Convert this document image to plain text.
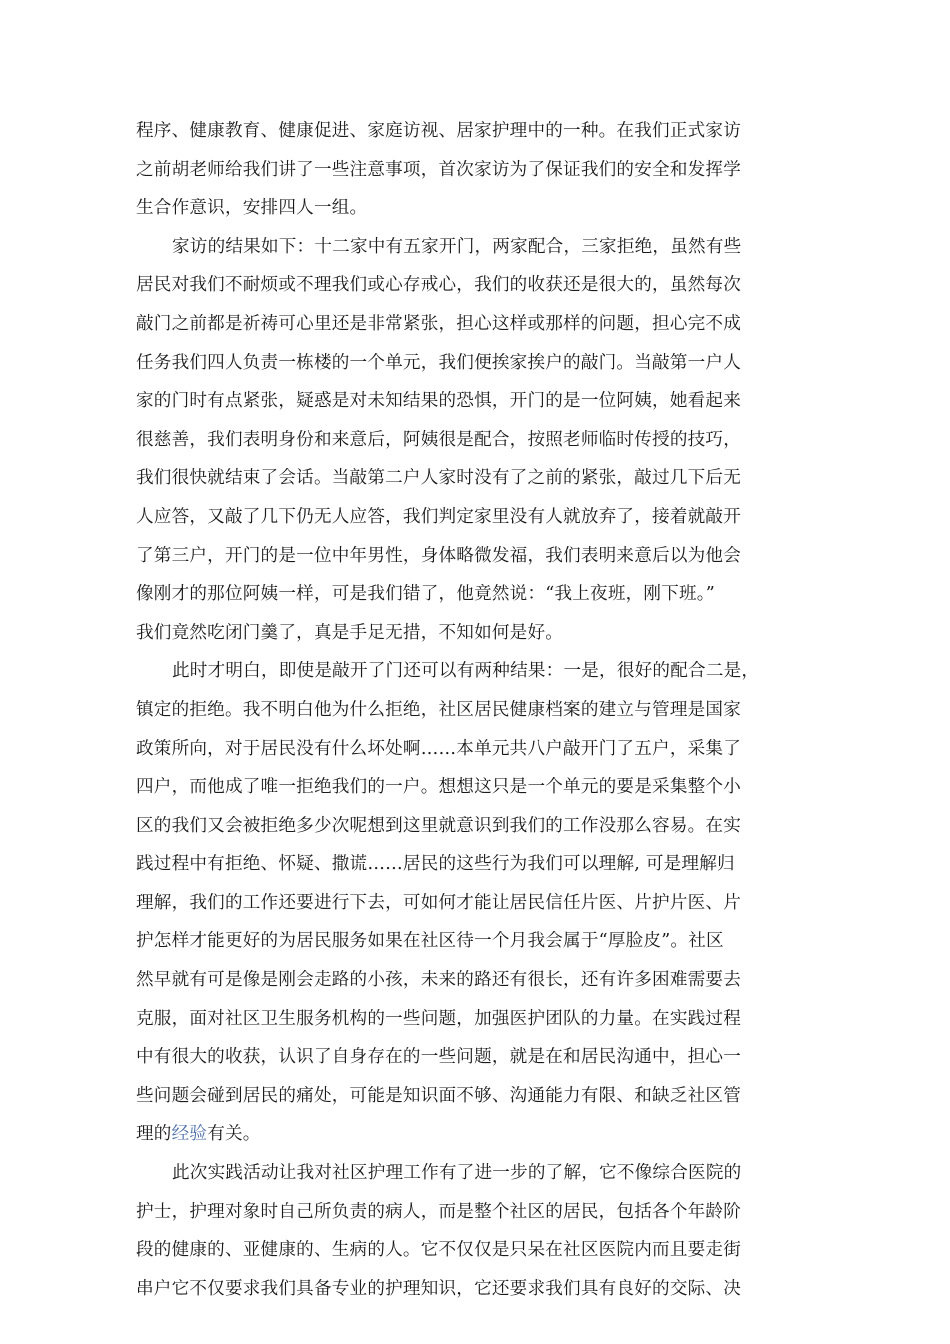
程序、健康教育、健康促进、家庭访视、居家护理中的一种。在我们正式家访
之前胡老师给我们讲了一些注意事项，首次家访为了保证我们的安全和发挥学
生合作意识，安排四人一组。
家访的结果如下：十二家中有五家开门，两家配合，三家拒绝，虽然有些
居民对我们不耐烦或不理我们或心存戒心，我们的收获还是很大的，虽然每次
敲门之前都是祈祷可心里还是非常紧张，担心这样或那样的问题，担心完不成
任务我们四人负责一栋楼的一个单元，我们便挨家挨户的敲门。当敲第一户人
家的门时有点紧张，疑惑是对未知结果的恐惧，开门的是一位阿姨，她看起来
很慈善，我们表明身份和来意后，阿姨很是配合，按照老师临时传授的技巧，
我们很快就结束了会话。当敲第二户人家时没有了之前的紧张，敲过几下后无
人应答，又敲了几下仍无人应答，我们判定家里没有人就放弃了，接着就敲开
了第三户，开门的是一位中年男性，身体略微发福，我们表明来意后以为他会
像刚才的那位阿姨一样，可是我们错了，他竟然说：“我上夜班，刚下班。”
我们竟然吃闭门羹了，真是手足无措，不知如何是好。
此时才明白，即使是敲开了门还可以有两种结果：一是，很好的配合二是，
镇定的拒绝。我不明白他为什么拒绝，社区居民健康档案的建立与管理是国家
政策所向，对于居民没有什么坏处啊……本单元共八户敲开门了五户，采集了
四户，而他成了唯一拒绝我们的一户。想想这只是一个单元的要是采集整个小
区的我们又会被拒绝多少次呢想到这里就意识到我们的工作没那么容易。在实
践过程中有拒绝、怀疑、撒谎……居民的这些行为我们可以理解, 可是理解归
理解，我们的工作还要进行下去，可如何才能让居民信任片医、片护片医、片
护怎样才能更好的为居民服务如果在社区待一个月我会属于“厚脸皮”。社区
然早就有可是像是刚会走路的小孩，未来的路还有很长，还有许多困难需要去
克服，面对社区卫生服务机构的一些问题，加强医护团队的力量。在实践过程
中有很大的收获，认识了自身存在的一些问题，就是在和居民沟通中，担心一
些问题会碰到居民的痛处，可能是知识面不够、沟通能力有限、和缺乏社区管
理的经验有关。
此次实践活动让我对社区护理工作有了进一步的了解，它不像综合医院的
护士，护理对象时自己所负责的病人，而是整个社区的居民，包括各个年龄阶
段的健康的、亚健康的、生病的人。它不仅仅是只呆在社区医院内而且要走街
串户它不仅要求我们具备专业的护理知识，它还要求我们具有良好的交际、决
